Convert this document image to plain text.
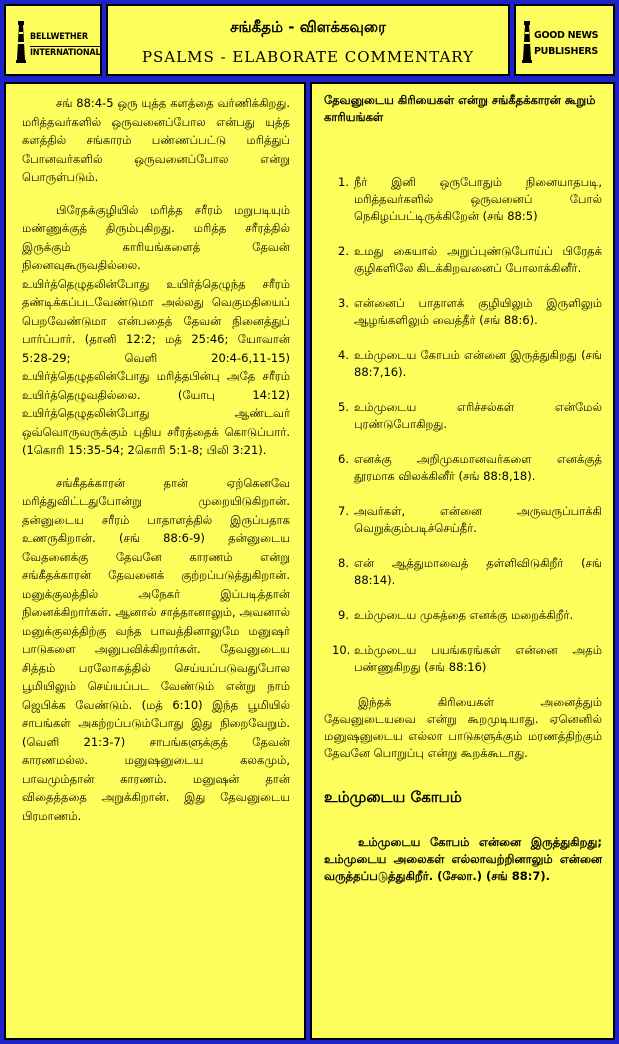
BELLWETHER
INTERNATIONAL
சங்கீதம் - விளக்கவுரை
PSALMS - ELABORATE COMMENTARY
GOOD NEWS
PUBLISHERS

சங் 88:4-5 ஒரு யுத்த களத்தை வர்ணிக்கிறது. மரித்தவர்களில் ஒருவனைப்போல என்பது யுத்த களத்தில் சங்காரம் பண்ணப்பட்டு மரித்துப் போனவர்களில் ஒருவனைப்போல என்று பொருள்படும்.

பிரேதக்குழியில் மரித்த சரீரம் மறுபடியும் மண்ணுக்குத் திரும்புகிறது. மரித்த சரீரத்தில் இருக்கும் காரியங்களைத் தேவன் நினைவுகூருவதில்லை.

உயிர்த்தெழுதலின்போது உயிர்த்தெழுந்த சரீரம் தண்டிக்கப்படவேண்டுமா அல்லது வெகுமதியைப் பெறவேண்டுமா என்பதைத் தேவன் நினைத்துப் பார்ப்பார். (தானி 12:2; மத் 25:46; யோவான் 5:28-29; வெளி 20:4-6,11-15) உயிர்த்தெழுதலின்போது மரித்தபின்பு அதே சரீரம் உயிர்த்தெழுவதில்லை. (யோபு 14:12) உயிர்த்தெழுதலின்போது ஆண்டவர் ஒவ்வொருவருக்கும் புதிய சரீரத்தைக் கொடுப்பார். (1கொரி 15:35-54; 2கொரி 5:1-8; பிலி 3:21).

சங்கீதக்காரன் தான் ஏற்கெனவே மரித்துவிட்டதுபோன்று முறையிடுகிறான். தன்னுடைய சரீரம் பாதாளத்தில் இருப்பதாக உணருகிறான். (சங் 88:6-9) தன்னுடைய வேதனைக்கு தேவனே காரணம் என்று சங்கீதக்காரன் தேவனைக் குற்றப்படுத்துகிறான். மனுக்குலத்தில் அநேகர் இப்படித்தான் நினைக்கிறார்கள். ஆனால் சாத்தானாலும், அவனால் மனுக்குலத்திற்கு வந்த பாவத்தினாலுமே மனுஷர் பாடுகளை அனுபவிக்கிறார்கள். தேவனுடைய சித்தம் பரலோகத்தில் செய்யப்படுவதுபோல பூமியிலும் செய்யப்பட வேண்டும் என்று நாம் ஜெபிக்க வேண்டும். (மத் 6:10) இந்த பூமியில் சாபங்கள் அகற்றப்படும்போது இது நிறைவேறும். (வெளி 21:3-7) சாபங்களுக்குத் தேவன் காரணமல்ல. மனுஷனுடைய கலகமும், பாவமும்தான் காரணம். மனுஷன் தான் விதைத்ததை அறுக்கிறான். இது தேவனுடைய பிரமாணம்.

தேவனுடைய கிரியைகள் என்று சங்கீதக்காரன் கூறும் காரியங்கள்

1. நீர் இனி ஒருபோதும் நினையாதபடி, மரித்தவர்களில் ஒருவனைப் போல் நெகிழப்பட்டிருக்கிறேன் (சங் 88:5)
2. உமது கையால் அறுப்புண்டுபோய்ப் பிரேதக் குழிகளிலே கிடக்கிறவனைப் போலாக்கினீர்.
3. என்னைப் பாதாளக் குழியிலும் இருளிலும் ஆழங்களிலும் வைத்தீர் (சங் 88:6).
4. உம்முடைய கோபம் என்னை இருத்துகிறது (சங் 88:7,16).
5. உம்முடைய எரிச்சல்கள் என்மேல் புரண்டுபோகிறது.
6. எனக்கு அறிமுகமானவர்களை எனக்குத் தூரமாக விலக்கினீர் (சங் 88:8,18).
7. அவர்கள், என்னை அருவருப்பாக்கி வெறுக்கும்படிச்செய்தீர்.
8. என் ஆத்துமாவைத் தள்ளிவிடுகிறீர் (சங் 88:14).
9. உம்முடைய முகத்தை எனக்கு மறைக்கிறீர்.
10. உம்முடைய பயங்கரங்கள் என்னை அதம் பண்ணுகிறது (சங் 88:16)

இந்தக் கிரியைகள் அனைத்தும் தேவனுடையவை என்று கூறமுடியாது. ஏனெனில் மனுஷனுடைய எல்லா பாடுகளுக்கும் மரணத்திற்கும் தேவனே பொறுப்பு என்று கூறக்கூடாது.

உம்முடைய கோபம்

உம்முடைய கோபம் என்னை இருத்துகிறது; உம்முடைய அலைகள் எல்லாவற்றினாலும் என்னை வருத்தப்படுத்துகிறீர். (சேலா.) (சங் 88:7).
